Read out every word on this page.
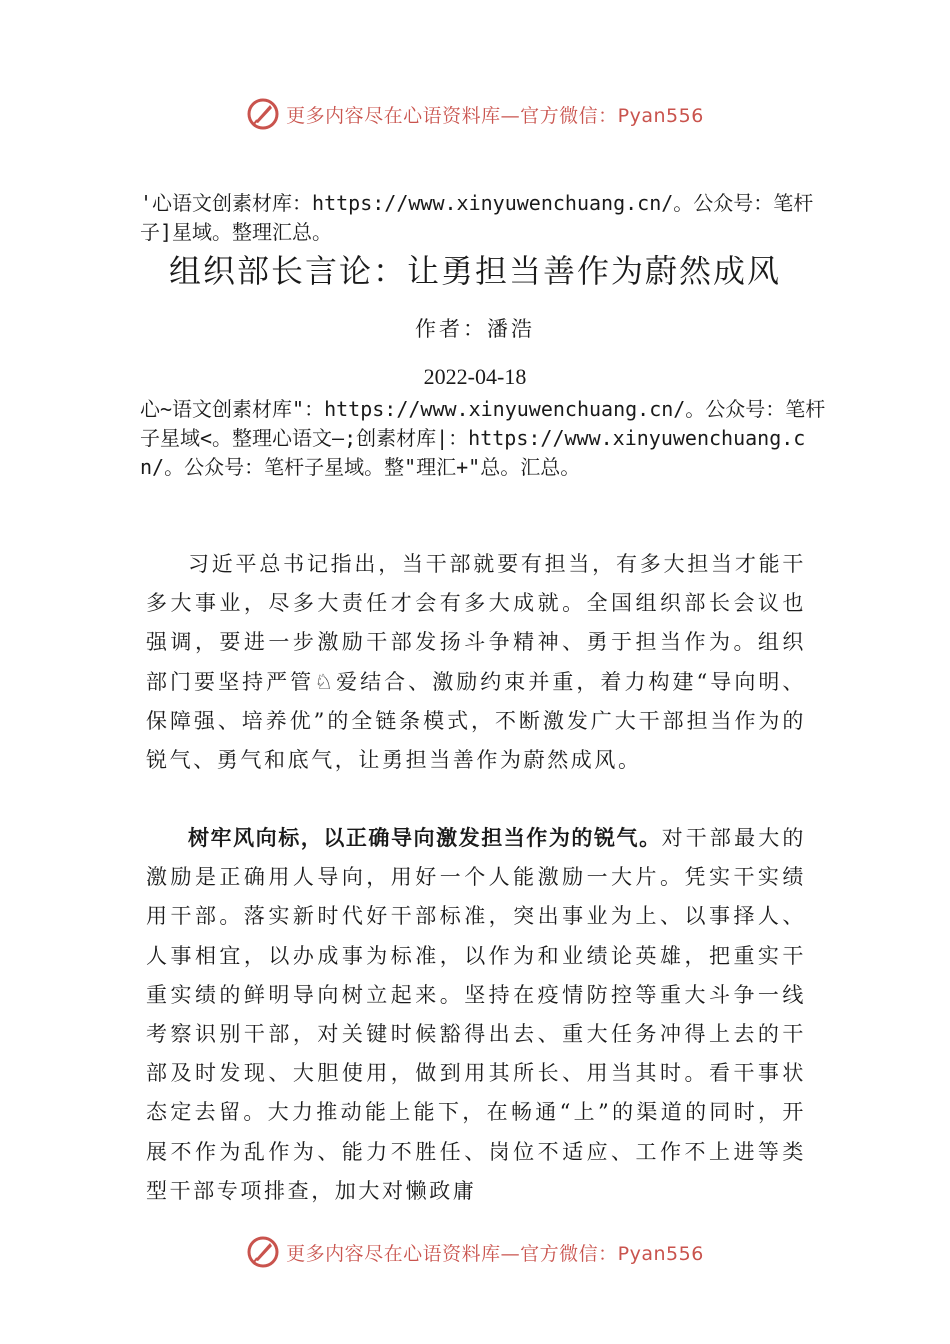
更多内容尽在心语资料库—官方微信：Pyan556
'心语文创素材库：https://www.xinyuwenchuang.cn/。公众号：笔杆子]星域。整理汇总。
组织部长言论：让勇担当善作为蔚然成风
作者：潘浩
2022-04-18
心~语文创素材库"：https://www.xinyuwenchuang.cn/。公众号：笔杆子星域<。整理心语文—;创素材库|：https://www.xinyuwenchuang.cn/。公众号：笔杆子星域。整"理汇+"总。汇总。

习近平总书记指出，当干部就要有担当，有多大担当才能干多大事业，尽多大责任才会有多大成就。全国组织部长会议也强调，要进一步激励干部发扬斗争精神、勇于担当作为。组织部门要坚持严管♘爱结合、激励约束并重，着力构建“导向明、保障强、培养优”的全链条模式，不断激发广大干部担当作为的锐气、勇气和底气，让勇担当善作为蔚然成风。

树牢风向标，以正确导向激发担当作为的锐气。对干部最大的激励是正确用人导向，用好一个人能激励一大片。凭实干实绩用干部。落实新时代好干部标准，突出事业为上、以事择人、人事相宜，以办成事为标准，以作为和业绩论英雄，把重实干重实绩的鲜明导向树立起来。坚持在疫情防控等重大斗争一线考察识别干部，对关键时候豁得出去、重大任务冲得上去的干部及时发现、大胆使用，做到用其所长、用当其时。看干事状态定去留。大力推动能上能下，在畅通“上”的渠道的同时，开展不作为乱作为、能力不胜任、岗位不适应、工作不上进等类型干部专项排查，加大对懒政庸

更多内容尽在心语资料库—官方微信：Pyan556
